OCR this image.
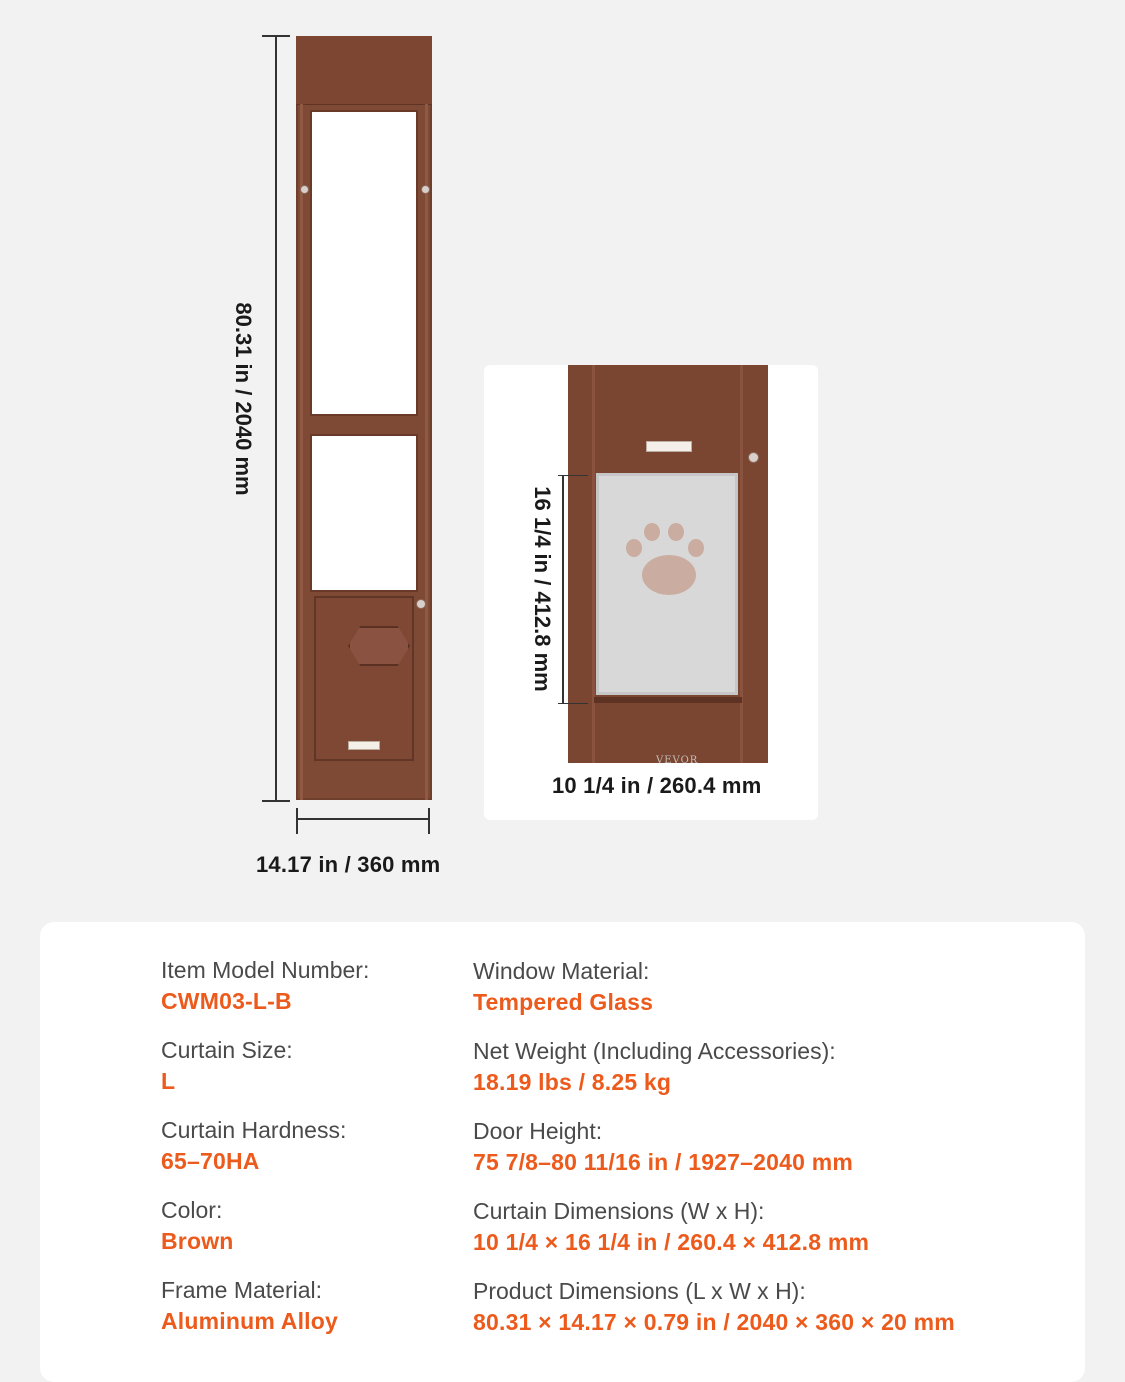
80.31 in / 2040 mm
14.17 in / 360 mm
VEVOR
16 1/4 in / 412.8 mm
10 1/4 in / 260.4 mm
Item Model Number:
CWM03-L-B
Curtain Size:
L
Curtain Hardness:
65–70HA
Color:
Brown
Frame Material:
Aluminum Alloy
Window Material:
Tempered Glass
Net Weight (Including Accessories):
18.19 lbs / 8.25 kg
Door Height:
75 7/8–80 11/16 in / 1927–2040 mm
Curtain Dimensions (W x H):
10 1/4 × 16 1/4 in / 260.4 × 412.8 mm
Product Dimensions (L x W x H):
80.31 × 14.17 × 0.79 in / 2040 × 360 × 20 mm
